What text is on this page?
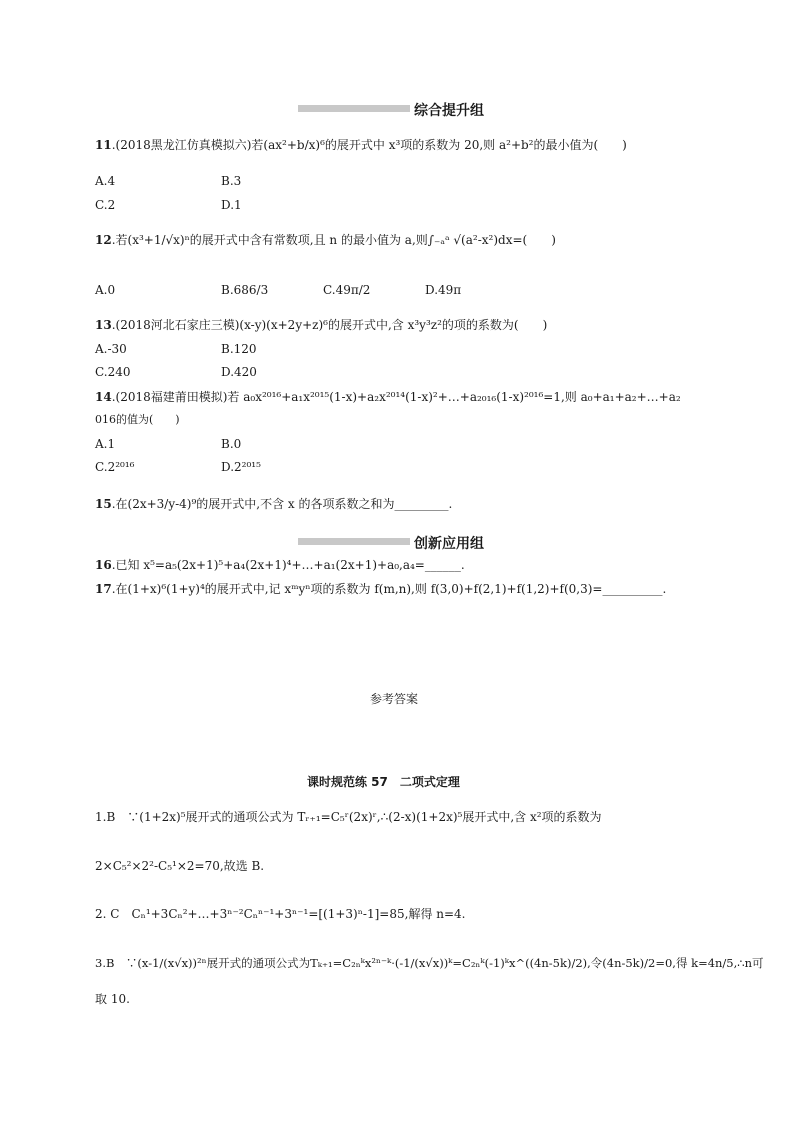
综合提升组
11.(2018黑龙江仿真模拟六)若(ax²+b/x)⁶的展开式中 x³项的系数为 20,则 a²+b²的最小值为(　　)
A.4	B.3
C.2	D.1
12.若(x³+1/√x)ⁿ的展开式中含有常数项,且 n 的最小值为 a,则∫₋ₐᵃ √(a²-x²)dx=(　　)
A.0	B.686/3	C.49π/2	D.49π
13.(2018河北石家庄三模)(x-y)(x+2y+z)⁶的展开式中,含 x³y³z²的项的系数为(　　)
A.-30	B.120
C.240	D.420
14.(2018福建莆田模拟)若 a₀x²⁰¹⁶+a₁x²⁰¹⁵(1-x)+a₂x²⁰¹⁴(1-x)²+…+a₂₀₁₆(1-x)²⁰¹⁶=1,则 a₀+a₁+a₂+…+a₂
016的值为(　　)
A.1	B.0
C.2²⁰¹⁶	D.2²⁰¹⁵
15.在(2x+3/y-4)⁹的展开式中,不含 x 的各项系数之和为_________.
创新应用组
16.已知 x⁵=a₅(2x+1)⁵+a₄(2x+1)⁴+…+a₁(2x+1)+a₀,a₄=______.
17.在(1+x)⁶(1+y)⁴的展开式中,记 xᵐyⁿ项的系数为 f(m,n),则 f(3,0)+f(2,1)+f(1,2)+f(0,3)=__________.
参考答案
课时规范练 57　二项式定理
1.B　∵(1+2x)⁵展开式的通项公式为 Tᵣ₊₁=C₅ʳ(2x)ʳ,∴(2-x)(1+2x)⁵展开式中,含 x²项的系数为
2×C₅²×2²-C₅¹×2=70,故选 B.
2. C　Cₙ¹+3Cₙ²+…+3ⁿ⁻²Cₙⁿ⁻¹+3ⁿ⁻¹=[(1+3)ⁿ-1]=85,解得 n=4.
3.B　∵(x-1/(x√x))²ⁿ展开式的通项公式为Tₖ₊₁=C₂ₙᵏx²ⁿ⁻ᵏ·(-1/(x√x))ᵏ=C₂ₙᵏ(-1)ᵏx^((4n-5k)/2),令(4n-5k)/2=0,得 k=4n/5,∴n可
取 10.
